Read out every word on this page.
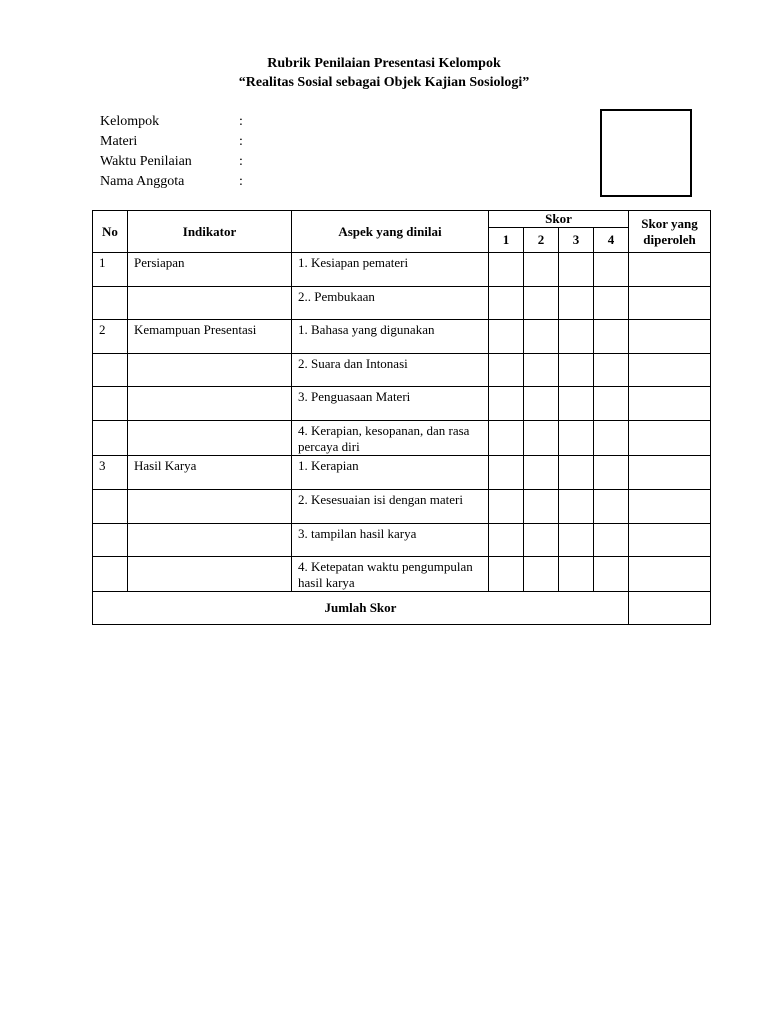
Rubrik Penilaian Presentasi Kelompok
“Realitas Sosial sebagai Objek Kajian Sosiologi”
Kelompok	:
Materi	:
Waktu Penilaian	:
Nama Anggota	:
No	Indikator	Aspek yang dinilai	Skor				Skor yang diperoleh
			1	2	3	4	
1	Persiapan	1. Kesiapan pemateri					
		2.. Pembukaan					
2	Kemampuan Presentasi	1. Bahasa yang digunakan					
		2. Suara dan Intonasi					
		3. Penguasaan Materi					
		4. Kerapian, kesopanan, dan rasa percaya diri					
3	Hasil Karya	1. Kerapian					
		2. Kesesuaian isi dengan materi					
		3. tampilan hasil karya					
		4. Ketepatan waktu pengumpulan hasil karya					
Jumlah Skor							
